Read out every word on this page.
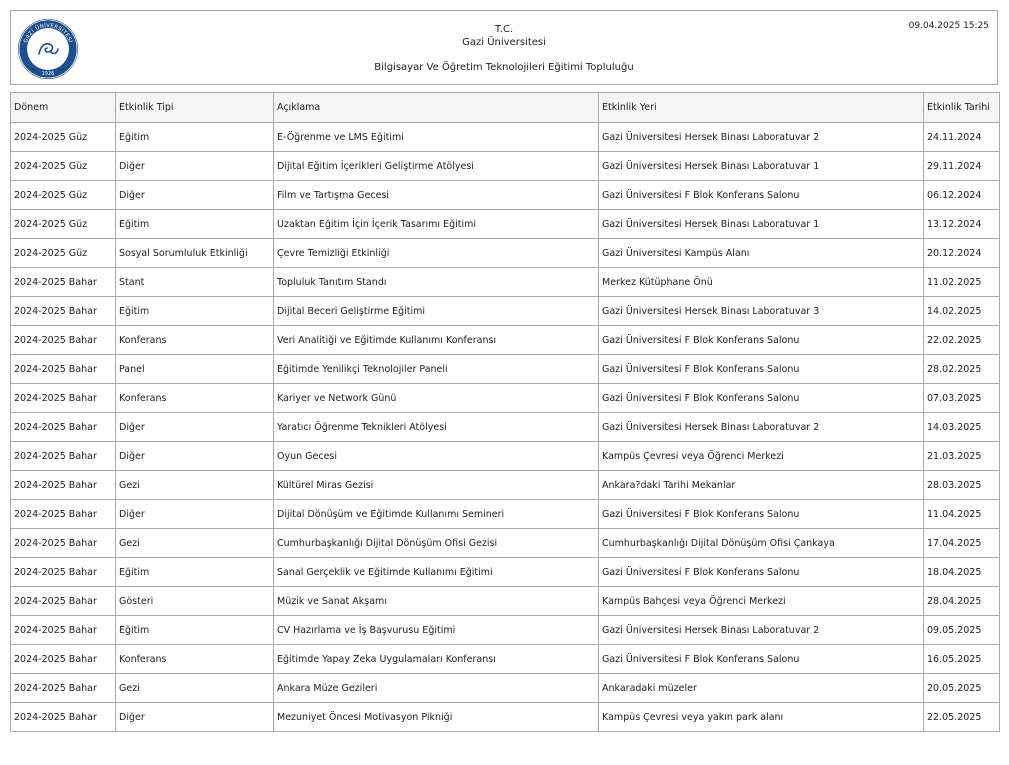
GAZİ ÜNİVERSİTESİ
1926
T.C.
Gazi Üniversitesi
Bilgisayar Ve Öğretim Teknolojileri Eğitimi Topluluğu
09.04.2025 15:25
Dönem	Etkinlik Tipi	Açıklama	Etkinlik Yeri	Etkinlik Tarihi
2024-2025 Güz	Eğitim	E-Öğrenme ve LMS Eğitimi	Gazi Üniversitesi Hersek Binası Laboratuvar 2	24.11.2024
2024-2025 Güz	Diğer	Dijital Eğitim İçerikleri Geliştirme Atölyesi	Gazi Üniversitesi Hersek Binası Laboratuvar 1	29.11.2024
2024-2025 Güz	Diğer	Film ve Tartışma Gecesi	Gazi Üniversitesi F Blok Konferans Salonu	06.12.2024
2024-2025 Güz	Eğitim	Uzaktan Eğitim İçin İçerik Tasarımı Eğitimi	Gazi Üniversitesi Hersek Binası Laboratuvar 1	13.12.2024
2024-2025 Güz	Sosyal Sorumluluk Etkinliği	Çevre Temizliği Etkinliği	Gazi Üniversitesi Kampüs Alanı	20.12.2024
2024-2025 Bahar	Stant	Topluluk Tanıtım Standı	Merkez Kütüphane Önü	11.02.2025
2024-2025 Bahar	Eğitim	Dijital Beceri Geliştirme Eğitimi	Gazi Üniversitesi Hersek Binası Laboratuvar 3	14.02.2025
2024-2025 Bahar	Konferans	Veri Analitiği ve Eğitimde Kullanımı Konferansı	Gazi Üniversitesi F Blok Konferans Salonu	22.02.2025
2024-2025 Bahar	Panel	Eğitimde Yenilikçi Teknolojiler Paneli	Gazi Üniversitesi F Blok Konferans Salonu	28.02.2025
2024-2025 Bahar	Konferans	Kariyer ve Network Günü	Gazi Üniversitesi F Blok Konferans Salonu	07.03.2025
2024-2025 Bahar	Diğer	Yaratıcı Öğrenme Teknikleri Atölyesi	Gazi Üniversitesi Hersek Binası Laboratuvar 2	14.03.2025
2024-2025 Bahar	Diğer	Oyun Gecesi	Kampüs Çevresi veya Öğrenci Merkezi	21.03.2025
2024-2025 Bahar	Gezi	Kültürel Miras Gezisi	Ankara?daki Tarihi Mekanlar	28.03.2025
2024-2025 Bahar	Diğer	Dijital Dönüşüm ve Eğitimde Kullanımı Semineri	Gazi Üniversitesi F Blok Konferans Salonu	11.04.2025
2024-2025 Bahar	Gezi	Cumhurbaşkanlığı Dijital Dönüşüm Ofisi Gezisi	Cumhurbaşkanlığı Dijital Dönüşüm Ofisi Çankaya	17.04.2025
2024-2025 Bahar	Eğitim	Sanal Gerçeklik ve Eğitimde Kullanımı Eğitimi	Gazi Üniversitesi F Blok Konferans Salonu	18.04.2025
2024-2025 Bahar	Gösteri	Müzik ve Sanat Akşamı	Kampüs Bahçesi veya Öğrenci Merkezi	28.04.2025
2024-2025 Bahar	Eğitim	CV Hazırlama ve İş Başvurusu Eğitimi	Gazi Üniversitesi Hersek Binası Laboratuvar 2	09.05.2025
2024-2025 Bahar	Konferans	Eğitimde Yapay Zeka Uygulamaları Konferansı	Gazi Üniversitesi F Blok Konferans Salonu	16.05.2025
2024-2025 Bahar	Gezi	Ankara Müze Gezileri	Ankaradaki müzeler	20.05.2025
2024-2025 Bahar	Diğer	Mezuniyet Öncesi Motivasyon Pikniği	Kampüs Çevresi veya yakın park alanı	22.05.2025
